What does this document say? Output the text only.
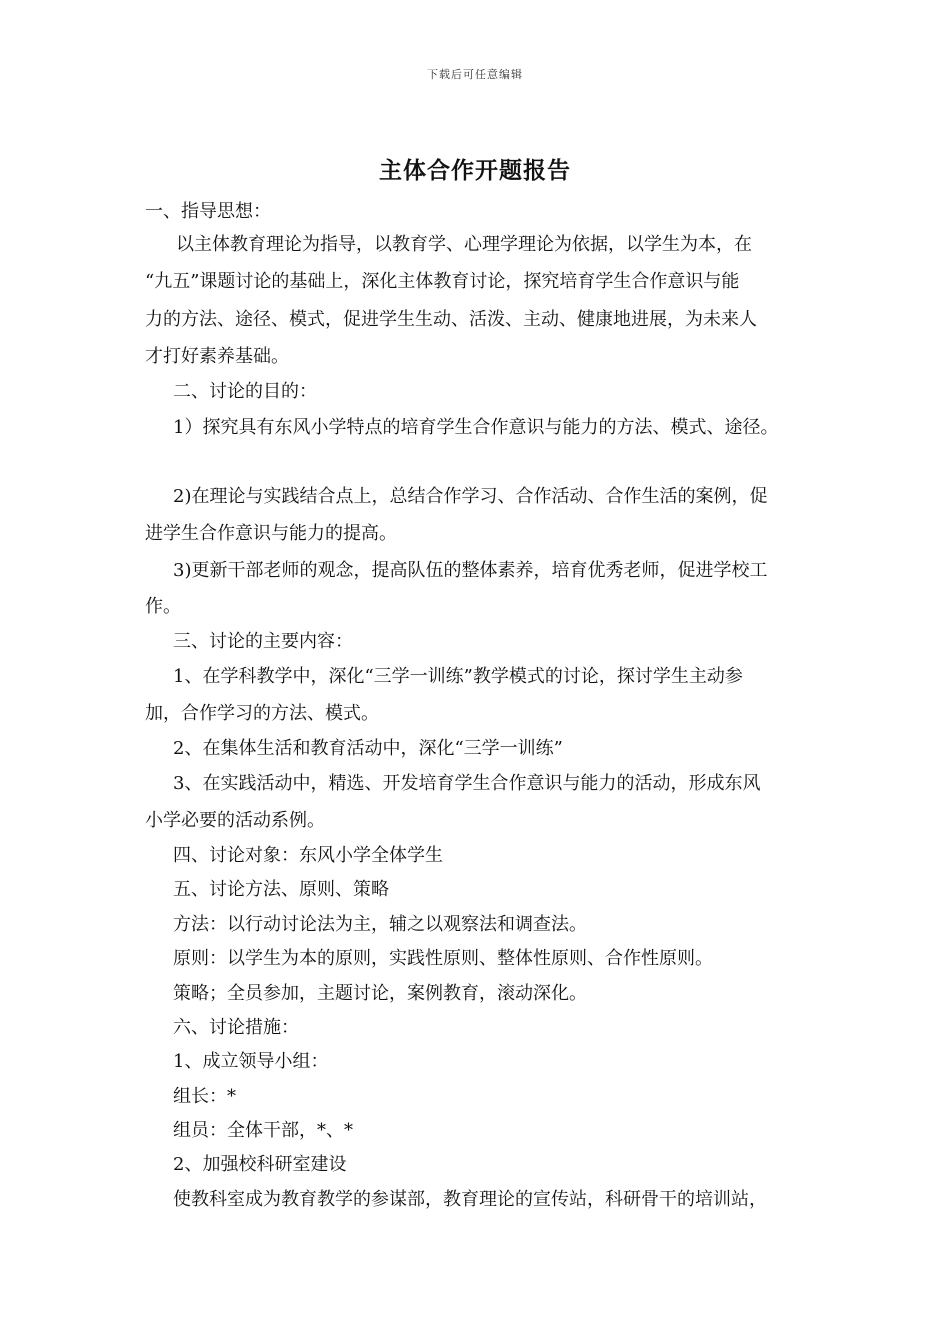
下载后可任意编辑
主体合作开题报告

一、指导思想：

以主体教育理论为指导，以教育学、心理学理论为依据，以学生为本，在

“九五”课题讨论的基础上，深化主体教育讨论，探究培育学生合作意识与能

力的方法、途径、模式，促进学生生动、活泼、主动、健康地进展，为未来人

才打好素养基础。

二、讨论的目的：

1）探究具有东风小学特点的培育学生合作意识与能力的方法、模式、途径。

2)在理论与实践结合点上，总结合作学习、合作活动、合作生活的案例，促

进学生合作意识与能力的提高。

3)更新干部老师的观念，提高队伍的整体素养，培育优秀老师，促进学校工

作。

三、讨论的主要内容：

1、在学科教学中，深化“三学一训练”教学模式的讨论，探讨学生主动参

加，合作学习的方法、模式。

2、在集体生活和教育活动中，深化“三学一训练”

3、在实践活动中，精选、开发培育学生合作意识与能力的活动，形成东风

小学必要的活动系例。

四、讨论对象：东风小学全体学生

五、讨论方法、原则、策略

方法：以行动讨论法为主，辅之以观察法和调查法。

原则：以学生为本的原则，实践性原则、整体性原则、合作性原则。

策略；全员参加，主题讨论，案例教育，滚动深化。

六、讨论措施：

1、成立领导小组：

组长：*

组员：全体干部，*、*

2、加强校科研室建设

使教科室成为教育教学的参谋部，教育理论的宣传站，科研骨干的培训站，
